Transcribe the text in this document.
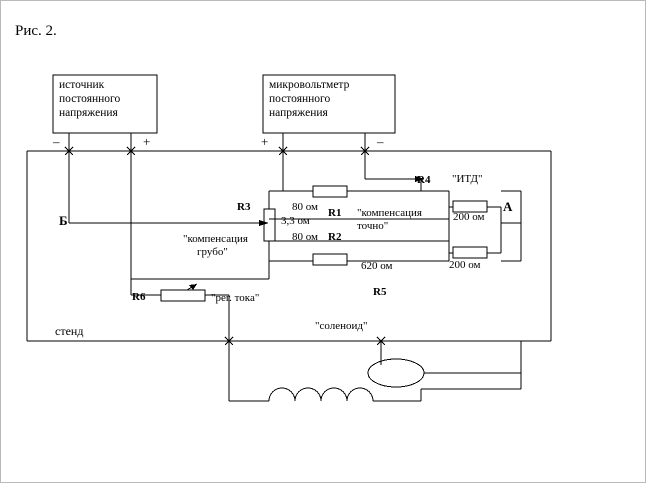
Рис. 2.
источник
постоянного
напряжения
микровольтметр
постоянного
напряжения
–	+	+	–
Б
А
R3	R1
R2
R4
R5
R6
80 ом
80 ом
3,3 ом	200 ом
200 ом
620 ом
"ИТД"
"компенсация
точно"
"компенсация
грубо"
"рег. тока"
стенд	"соленоид"
